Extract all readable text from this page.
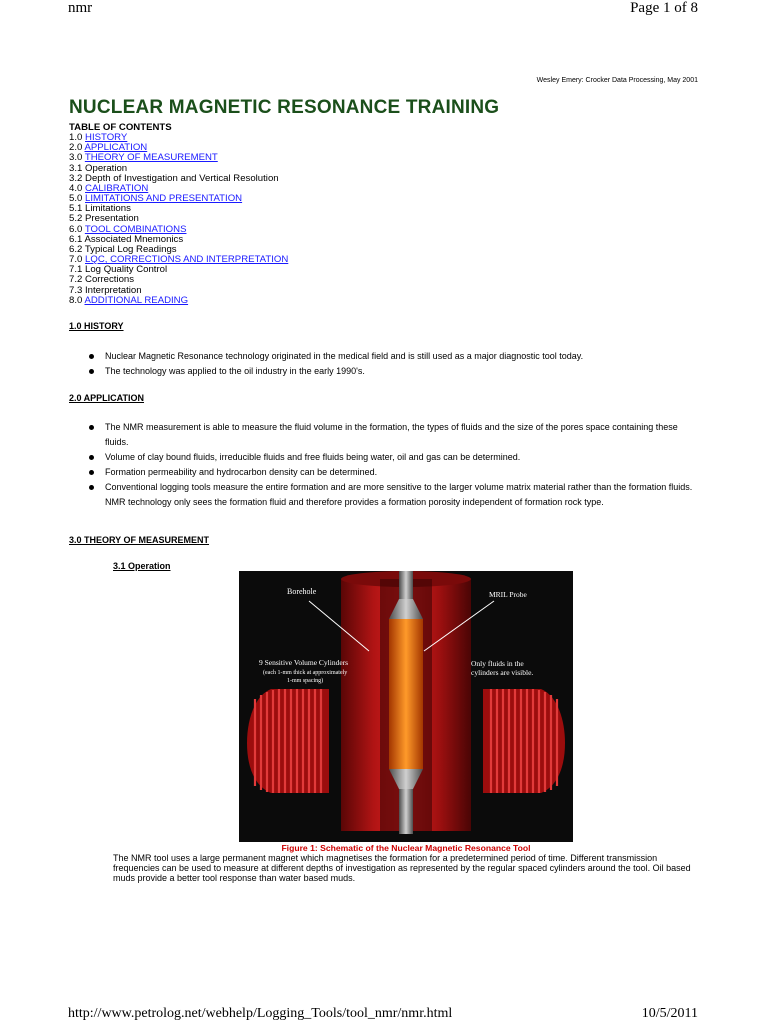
nmr	Page 1 of 8
Wesley Emery: Crocker Data Processing, May 2001
NUCLEAR MAGNETIC RESONANCE TRAINING
TABLE OF CONTENTS
1.0 HISTORY
2.0 APPLICATION
3.0 THEORY OF MEASUREMENT
3.1 Operation
3.2 Depth of Investigation and Vertical Resolution
4.0 CALIBRATION
5.0 LIMITATIONS AND PRESENTATION
5.1 Limitations
5.2 Presentation
6.0 TOOL COMBINATIONS
6.1 Associated Mnemonics
6.2 Typical Log Readings
7.0 LQC, CORRECTIONS AND INTERPRETATION
7.1 Log Quality Control
7.2 Corrections
7.3 Interpretation
8.0 ADDITIONAL READING
1.0 HISTORY
Nuclear Magnetic Resonance technology originated in the medical field and is still used as a major diagnostic tool today.
The technology was applied to the oil industry in the early 1990's.
2.0 APPLICATION
The NMR measurement is able to measure the fluid volume in the formation, the types of fluids and the size of the pores space containing these fluids.
Volume of clay bound fluids, irreducible fluids and free fluids being water, oil and gas can be determined.
Formation permeability and hydrocarbon density can be determined.
Conventional logging tools measure the entire formation and are more sensitive to the larger volume matrix material rather than the formation fluids. NMR technology only sees the formation fluid and therefore provides a formation porosity independent of formation rock type.
3.0 THEORY OF MEASUREMENT
3.1 Operation
Borehole	MRIL Probe
9 Sensitive Volume Cylinders
(each 1-mm thick at approximately
1-mm spacing)
Only fluids in the
cylinders are visible.
Figure 1: Schematic of the Nuclear Magnetic Resonance Tool
The NMR tool uses a large permanent magnet which magnetises the formation for a predetermined period of time. Different transmission frequencies can be used to measure at different depths of investigation as represented by the regular spaced cylinders around the tool. Oil based muds provide a better tool response than water based muds.
http://www.petrolog.net/webhelp/Logging_Tools/tool_nmr/nmr.html	10/5/2011
